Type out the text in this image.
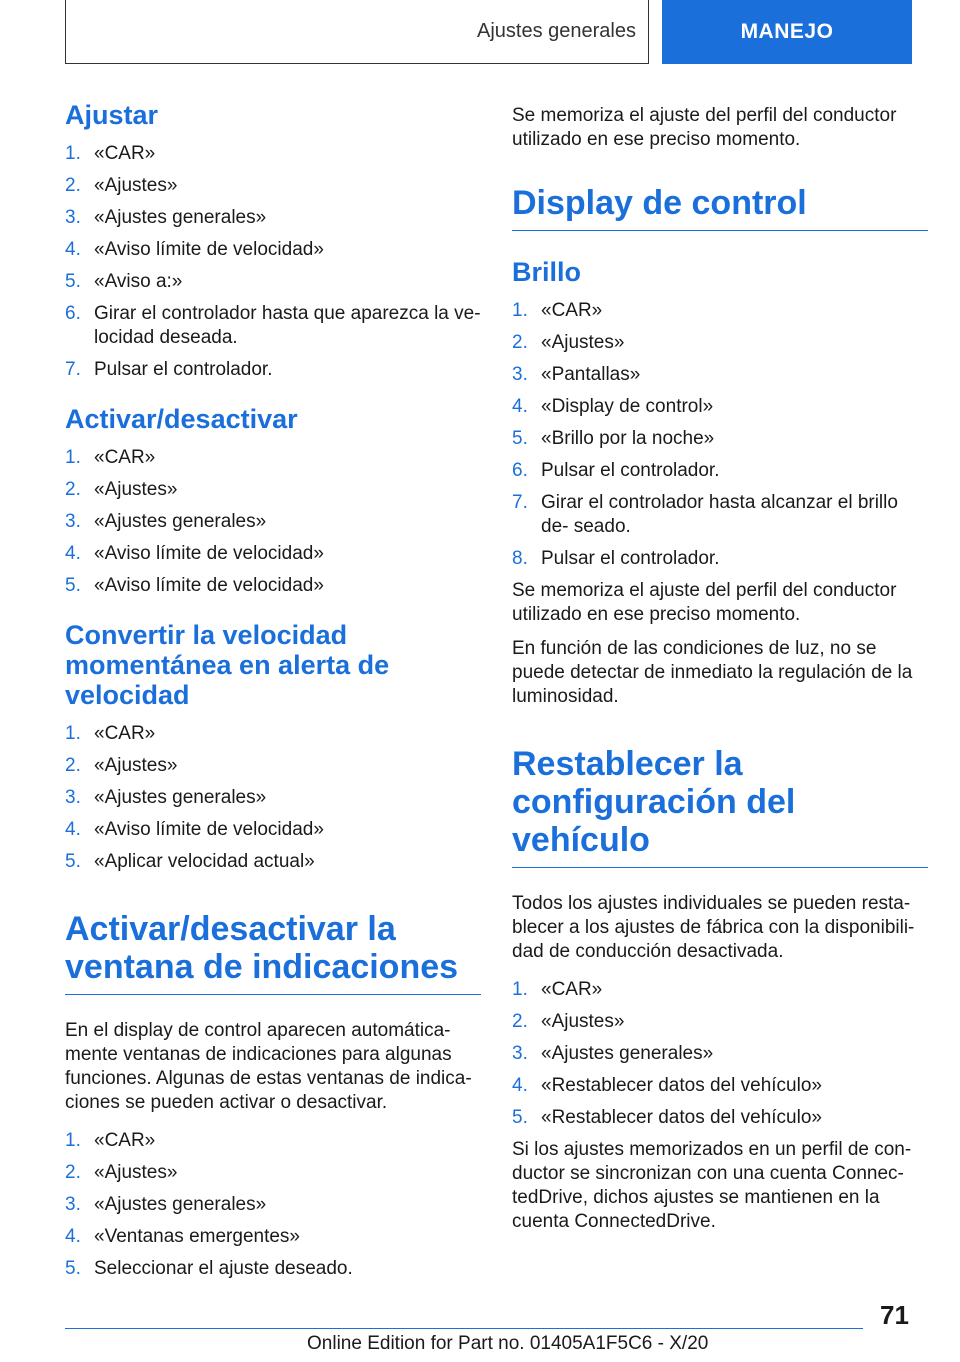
Ajustes generales	MANEJO
Ajustar
1. «CAR»
2. «Ajustes»
3. «Ajustes generales»
4. «Aviso límite de velocidad»
5. «Aviso a:»
6. Girar el controlador hasta que aparezca la ve‐ locidad deseada.
7. Pulsar el controlador.
Activar/desactivar
1. «CAR»
2. «Ajustes»
3. «Ajustes generales»
4. «Aviso límite de velocidad»
5. «Aviso límite de velocidad»
Convertir la velocidad momentánea en alerta de velocidad
1. «CAR»
2. «Ajustes»
3. «Ajustes generales»
4. «Aviso límite de velocidad»
5. «Aplicar velocidad actual»
Activar/desactivar la ventana de indicaciones

En el display de control aparecen automática‐ mente ventanas de indicaciones para algunas funciones. Algunas de estas ventanas de indica‐ ciones se pueden activar o desactivar.

1. «CAR»
2. «Ajustes»
3. «Ajustes generales»
4. «Ventanas emergentes»
5. Seleccionar el ajuste deseado.

Se memoriza el ajuste del perfil del conductor utilizado en ese preciso momento.

Display de control
Brillo
1. «CAR»
2. «Ajustes»
3. «Pantallas»
4. «Display de control»
5. «Brillo por la noche»
6. Pulsar el controlador.
7. Girar el controlador hasta alcanzar el brillo de‐ seado.
8. Pulsar el controlador.

Se memoriza el ajuste del perfil del conductor utilizado en ese preciso momento.

En función de las condiciones de luz, no se puede detectar de inmediato la regulación de la luminosidad.

Restablecer la configuración del vehículo

Todos los ajustes individuales se pueden resta‐ blecer a los ajustes de fábrica con la disponibili‐ dad de conducción desactivada.

1. «CAR»
2. «Ajustes»
3. «Ajustes generales»
4. «Restablecer datos del vehículo»
5. «Restablecer datos del vehículo»

Si los ajustes memorizados en un perfil de con‐ ductor se sincronizan con una cuenta Connec‐ tedDrive, dichos ajustes se mantienen en la cuenta ConnectedDrive.

71
Online Edition for Part no. 01405A1F5C6 - X/20
